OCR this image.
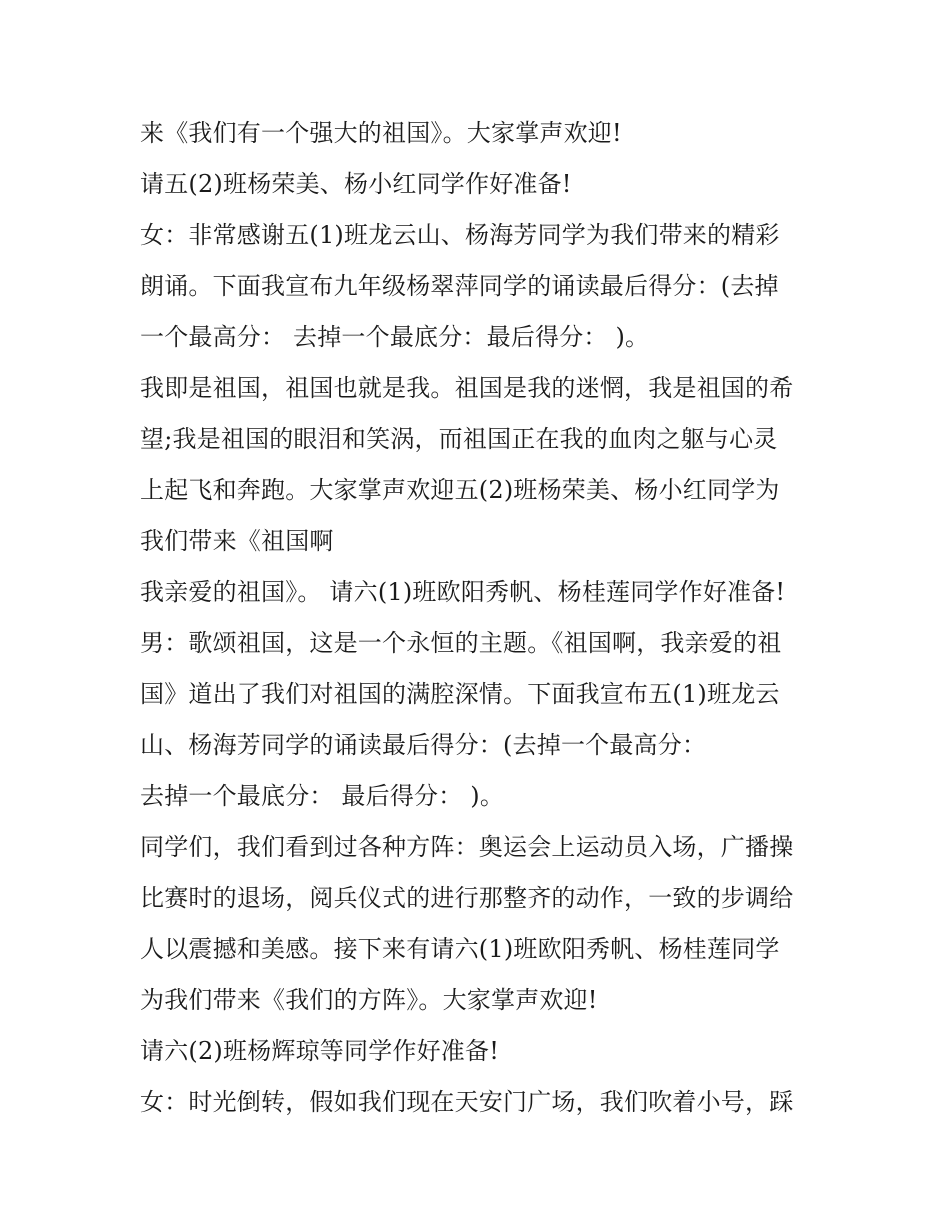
来《我们有一个强大的祖国》。大家掌声欢迎!
请五(2)班杨荣美、杨小红同学作好准备!
女：非常感谢五(1)班龙云山、杨海芳同学为我们带来的精彩
朗诵。下面我宣布九年级杨翠萍同学的诵读最后得分：(去掉
一个最高分： 去掉一个最底分：最后得分： )。
我即是祖国，祖国也就是我。祖国是我的迷惘，我是祖国的希
望;我是祖国的眼泪和笑涡，而祖国正在我的血肉之躯与心灵
上起飞和奔跑。大家掌声欢迎五(2)班杨荣美、杨小红同学为
我们带来《祖国啊
我亲爱的祖国》。 请六(1)班欧阳秀帆、杨桂莲同学作好准备!
男：歌颂祖国，这是一个永恒的主题。《祖国啊，我亲爱的祖
国》道出了我们对祖国的满腔深情。下面我宣布五(1)班龙云
山、杨海芳同学的诵读最后得分：(去掉一个最高分：
去掉一个最底分： 最后得分： )。
同学们，我们看到过各种方阵：奥运会上运动员入场，广播操
比赛时的退场，阅兵仪式的进行那整齐的动作，一致的步调给
人以震撼和美感。接下来有请六(1)班欧阳秀帆、杨桂莲同学
为我们带来《我们的方阵》。大家掌声欢迎!
请六(2)班杨辉琼等同学作好准备!
女：时光倒转，假如我们现在天安门广场，我们吹着小号，踩
